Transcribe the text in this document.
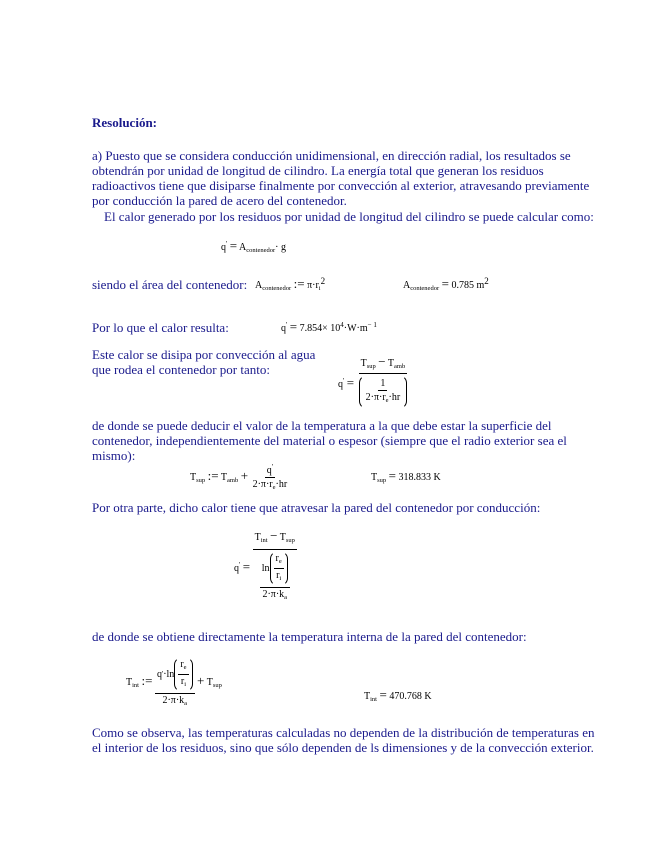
Resolución:
a) Puesto que se considera conducción unidimensional, en dirección radial, los resultados se
obtendrán por unidad de longitud de cilindro. La energía total que generan los residuos
radioactivos tiene que disiparse finalmente por convección al exterior, atravesando previamente
por conducción la pared de acero del contenedor.
El calor generado por los residuos por unidad de longitud del cilindro se puede calcular como:
$q' = A_{contenedor}\cdot g$
siendo el área del contenedor: $A_{contenedor}$ := $\pi\cdot r_i^2$	$A_{contenedor} = 0.785$ $m^2$
Por lo que el calor resulta:	$q' = 7.854\times 10^4\cdot W\cdot m^{- 1}$
Este calor se disipa por convección al agua
que rodea el contenedor por tanto:
$q' = \frac{T_{sup} - T_{amb}}{\frac{1}{2\cdot\pi\cdot r_e\cdot hr}}$
de donde se puede deducir el valor de la temperatura a la que debe estar la superficie del
contenedor, independientemente del material o espesor (siempre que el radio exterior sea el
mismo):
$T_{sup}$ := $T_{amb} + \frac{q'}{2\cdot\pi\cdot r_e\cdot hr}$	$T_{sup} = 318.833$ K
Por otra parte, dicho calor tiene que atravesar la pared del contenedor por conducción:
$q' = \frac{T_{int} - T_{sup}}{\frac{\ln \frac{r_e}{r_i}}{2\cdot\pi\cdot k_a}}$
de donde se obtiene directamente la temperatura interna de la pared del contenedor:
$T_{int}$ := $\frac{q ' \cdot\ln \frac{r_e}{r_i}}{2\cdot\pi\cdot k_a} + T_{sup}$
$T_{int} = 470.768$ K
Como se observa, las temperaturas calculadas no dependen de la distribución de temperaturas en
el interior de los residuos, sino que sólo dependen de ls dimensiones y de la convección exterior.
